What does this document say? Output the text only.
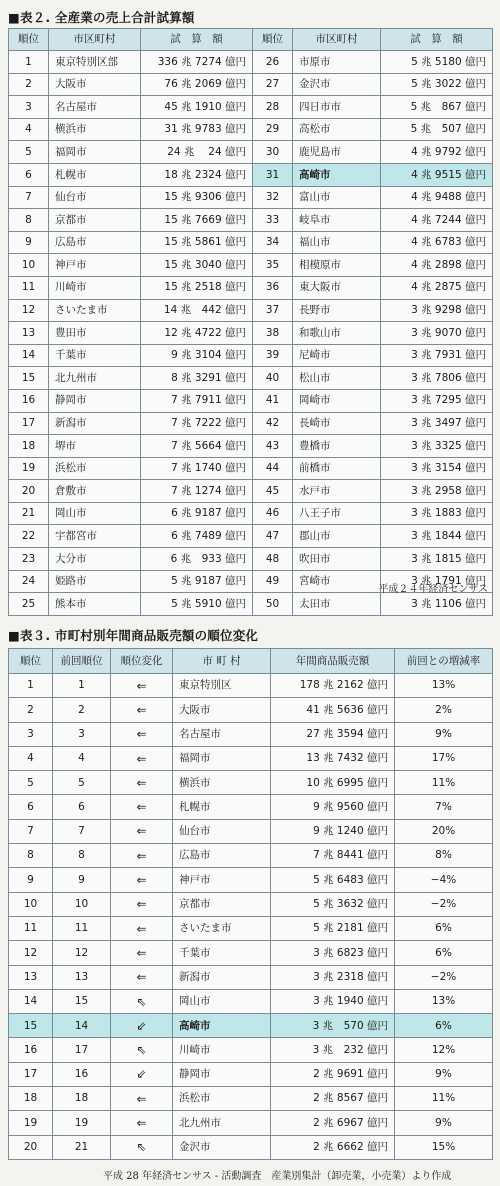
■表２. 全産業の売上合計試算額
順位	市区町村	試　算　額	順位	市区町村	試　算　額
1	東京特別区部	336 兆 7274 億円	26	市原市	5 兆 5180 億円
2	大阪市	76 兆 2069 億円	27	金沢市	5 兆 3022 億円
3	名古屋市	45 兆 1910 億円	28	四日市市	5 兆　867 億円
4	横浜市	31 兆 9783 億円	29	高松市	5 兆　507 億円
5	福岡市	24 兆　 24 億円	30	鹿児島市	4 兆 9792 億円
6	札幌市	18 兆 2324 億円	31	高崎市	4 兆 9515 億円
7	仙台市	15 兆 9306 億円	32	富山市	4 兆 9488 億円
8	京都市	15 兆 7669 億円	33	岐阜市	4 兆 7244 億円
9	広島市	15 兆 5861 億円	34	福山市	4 兆 6783 億円
10	神戸市	15 兆 3040 億円	35	相模原市	4 兆 2898 億円
11	川崎市	15 兆 2518 億円	36	東大阪市	4 兆 2875 億円
12	さいたま市	14 兆　442 億円	37	長野市	3 兆 9298 億円
13	豊田市	12 兆 4722 億円	38	和歌山市	3 兆 9070 億円
14	千葉市	9 兆 3104 億円	39	尼崎市	3 兆 7931 億円
15	北九州市	8 兆 3291 億円	40	松山市	3 兆 7806 億円
16	静岡市	7 兆 7911 億円	41	岡崎市	3 兆 7295 億円
17	新潟市	7 兆 7222 億円	42	長崎市	3 兆 3497 億円
18	堺市	7 兆 5664 億円	43	豊橋市	3 兆 3325 億円
19	浜松市	7 兆 1740 億円	44	前橋市	3 兆 3154 億円
20	倉敷市	7 兆 1274 億円	45	水戸市	3 兆 2958 億円
21	岡山市	6 兆 9187 億円	46	八王子市	3 兆 1883 億円
22	宇都宮市	6 兆 7489 億円	47	郡山市	3 兆 1844 億円
23	大分市	6 兆　933 億円	48	吹田市	3 兆 1815 億円
24	姫路市	5 兆 9187 億円	49	宮崎市	3 兆 1791 億円
25	熊本市	5 兆 5910 億円	50	太田市	3 兆 1106 億円
平成２４年経済センサス
■表３. 市町村別年間商品販売額の順位変化
順位	前回順位	順位変化	市 町 村	年間商品販売額	前回との増減率
1	1	⇐	東京特別区	178 兆 2162 億円	13%
2	2	⇐	大阪市	41 兆 5636 億円	2%
3	3	⇐	名古屋市	27 兆 3594 億円	9%
4	4	⇐	福岡市	13 兆 7432 億円	17%
5	5	⇐	横浜市	10 兆 6995 億円	11%
6	6	⇐	札幌市	9 兆 9560 億円	7%
7	7	⇐	仙台市	9 兆 1240 億円	20%
8	8	⇐	広島市	7 兆 8441 億円	8%
9	9	⇐	神戸市	5 兆 6483 億円	−4%
10	10	⇐	京都市	5 兆 3632 億円	−2%
11	11	⇐	さいたま市	5 兆 2181 億円	6%
12	12	⇐	千葉市	3 兆 6823 億円	6%
13	13	⇐	新潟市	3 兆 2318 億円	−2%
14	15	⇖	岡山市	3 兆 1940 億円	13%
15	14	⇙	高崎市	3 兆　570 億円	6%
16	17	⇖	川崎市	3 兆　232 億円	12%
17	16	⇙	静岡市	2 兆 9691 億円	9%
18	18	⇐	浜松市	2 兆 8567 億円	11%
19	19	⇐	北九州市	2 兆 6967 億円	9%
20	21	⇖	金沢市	2 兆 6662 億円	15%
平成 28 年経済センサス - 活動調査　産業別集計（卸売業，小売業）より作成
